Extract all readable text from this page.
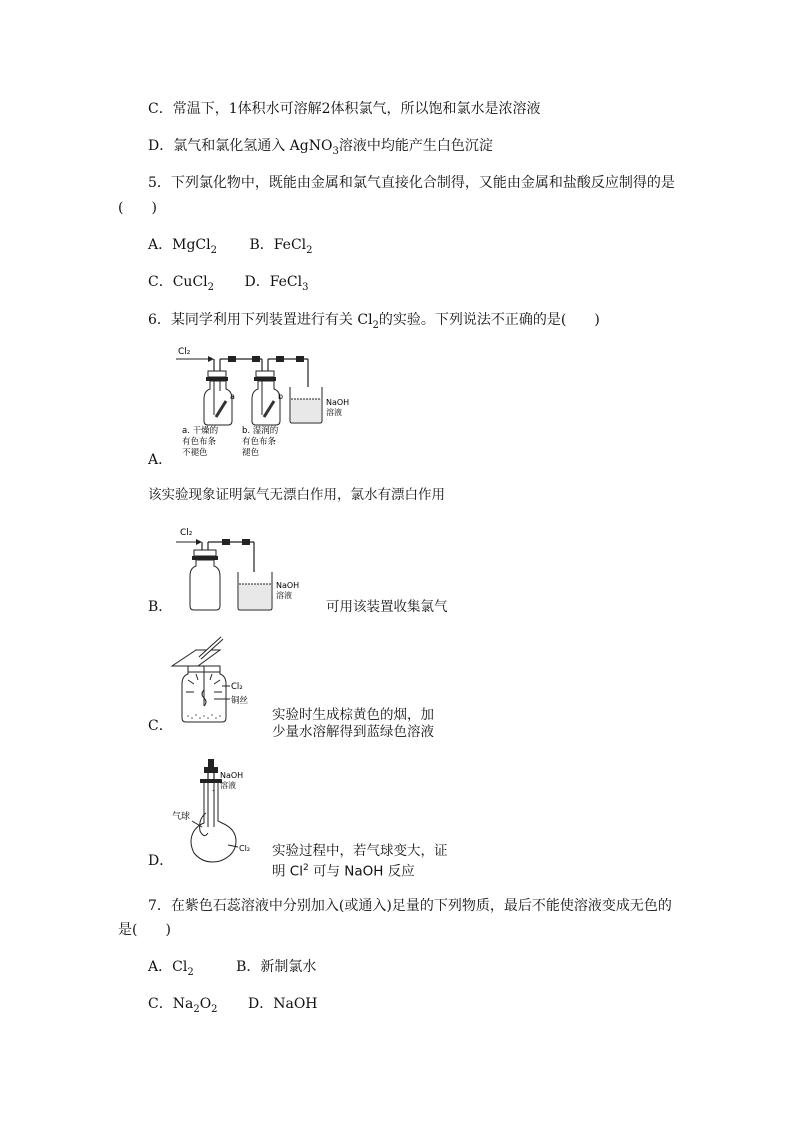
C．常温下，1体积水可溶解2体积氯气，所以饱和氯水是浓溶液
D．氯气和氯化氢通入 AgNO$_3$溶液中均能产生白色沉淀
5．下列氯化物中，既能由金属和氯气直接化合制得，又能由金属和盐酸反应制得的是
(　　)
A．MgCl$_2$ B．FeCl$_2$
C．CuCl$_2$ D．FeCl$_3$
6．某同学利用下列装置进行有关 $Cl_2$的实验。下列说法不正确的是(　　)
Cl₂
a	b
NaOH
溶液
a. 干燥的
有色布条
不褪色
b. 湿润的
有色布条
褪色
A．
该实验现象证明氯气无漂白作用，氯水有漂白作用
Cl₂
NaOH
溶液
B．	可用该装置收集氯气
Cl₂
铜丝
C．
实验时生成棕黄色的烟，加
少量水溶解得到蓝绿色溶液
·
NaOH
溶液
气球
Cl₂
D．
实验过程中，若气球变大，证
明 Cl$^2$ 可与 NaOH 反应
7．在紫色石蕊溶液中分别加入(或通入)足量的下列物质，最后不能使溶液变成无色的
是(　　)
A．$Cl_2$	B．新制氯水
C．$Na_2O_2$ D．NaOH
